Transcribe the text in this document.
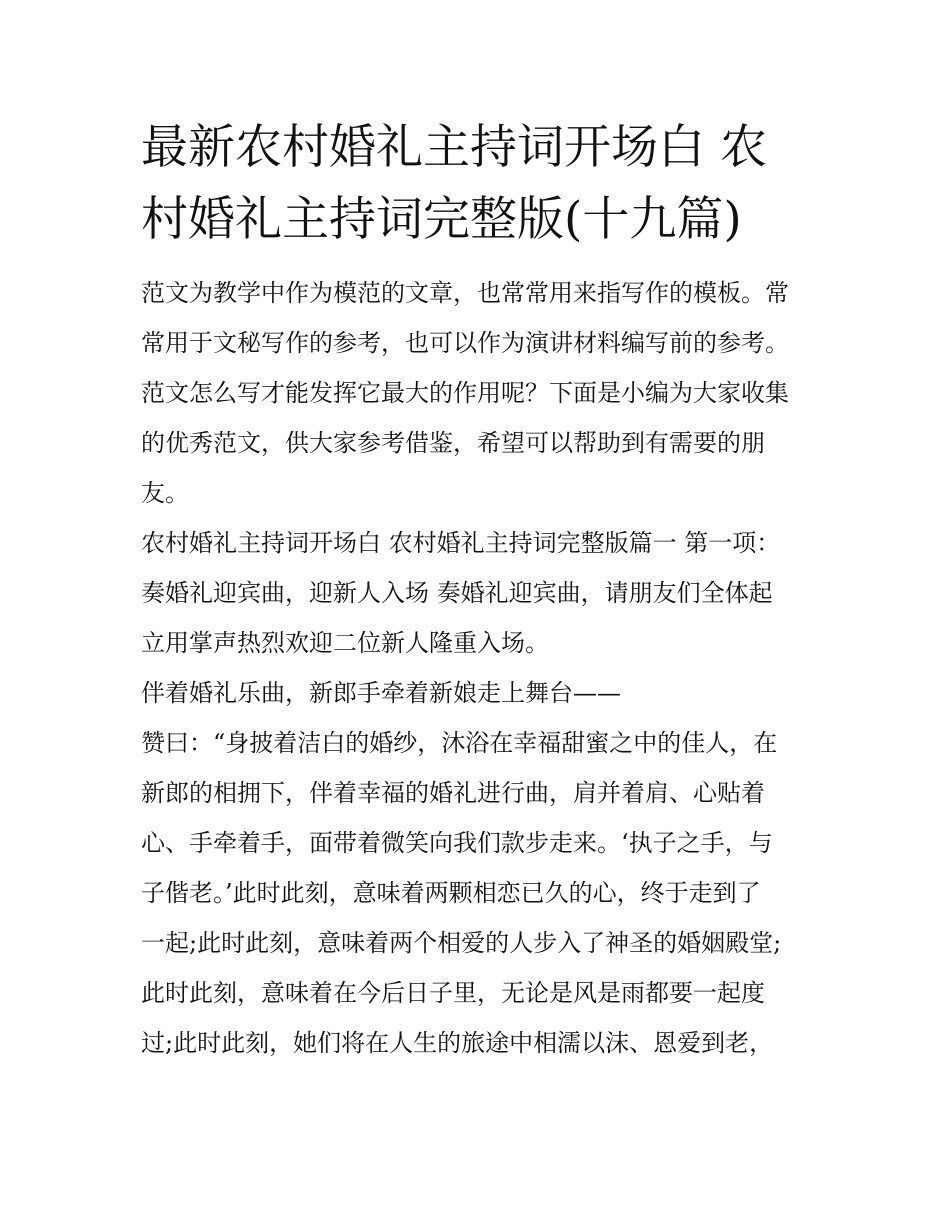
最新农村婚礼主持词开场白 农
村婚礼主持词完整版(十九篇)

范文为教学中作为模范的文章，也常常用来指写作的模板。常
常用于文秘写作的参考，也可以作为演讲材料编写前的参考。
范文怎么写才能发挥它最大的作用呢？下面是小编为大家收集
的优秀范文，供大家参考借鉴，希望可以帮助到有需要的朋
友。

农村婚礼主持词开场白 农村婚礼主持词完整版篇一 第一项：
奏婚礼迎宾曲，迎新人入场 奏婚礼迎宾曲，请朋友们全体起
立用掌声热烈欢迎二位新人隆重入场。

伴着婚礼乐曲，新郎手牵着新娘走上舞台——

赞曰：“身披着洁白的婚纱，沐浴在幸福甜蜜之中的佳人，在
新郎的相拥下，伴着幸福的婚礼进行曲，肩并着肩、心贴着
心、手牵着手，面带着微笑向我们款步走来。‘执子之手，与
子偕老。’此时此刻，意味着两颗相恋已久的心，终于走到了
一起;此时此刻，意味着两个相爱的人步入了神圣的婚姻殿堂;
此时此刻，意味着在今后日子里，无论是风是雨都要一起度
过;此时此刻，她们将在人生的旅途中相濡以沫、恩爱到老，
